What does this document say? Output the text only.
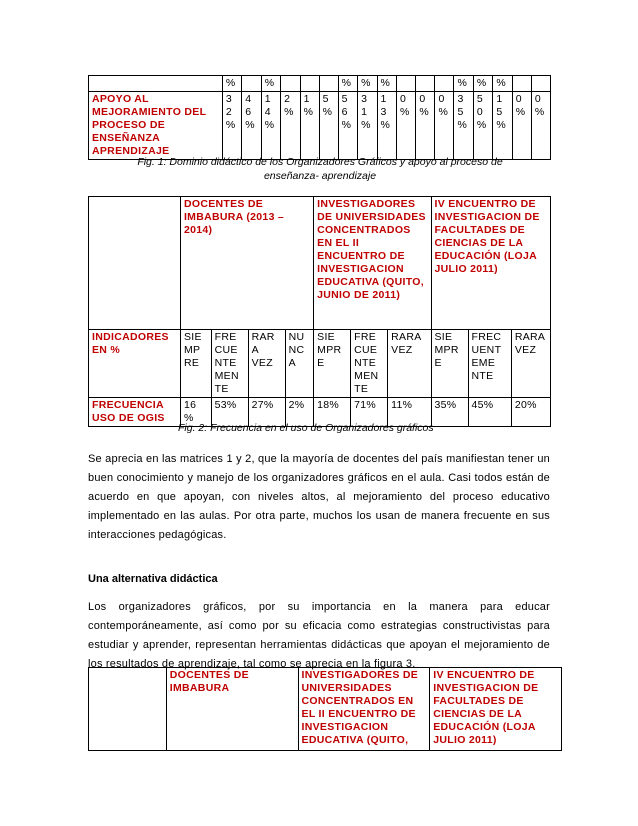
	%		%				%	%	%				%	%	%		
APOYO AL MEJORAMIENTO DEL PROCESO DE ENSEÑANZA APRENDIZAJE	3 2 %	4 6 %	1 4 %	2 %	1 %	5 %	5 6 %	3 1 %	1 3 %	0 %	0 %	0 %	3 5 %	5 0 %	1 5 %	0 %	0 %
Fig. 1: Dominio didáctico de los Organizadores Gráficos y apoyo al proceso de enseñanza- aprendizaje
	DOCENTES DE IMBABURA (2013 – 2014)				INVESTIGADORES DE UNIVERSIDADES CONCENTRADOS EN EL II ENCUENTRO DE INVESTIGACION EDUCATIVA (QUITO, JUNIO DE 2011)			IV ENCUENTRO DE INVESTIGACION DE FACULTADES DE CIENCIAS DE LA EDUCACIÓN (LOJA JULIO 2011)		
INDICADORES EN %	SIE MP RE	FRE CUE NTE MEN TE	RAR A VEZ	NU NC A	SIE MPR E	FRE CUE NTE MEN TE	RARA VEZ	SIE MPR E	FREC UENT EME NTE	RARA VEZ
FRECUENCIA USO DE OGIS	16 %	53%	27%	2%	18%	71%	11%	35%	45%	20%
Fig. 2: Frecuencia en el uso de Organizadores gráficos
Se aprecia en las matrices 1 y 2, que la mayoría de docentes del país manifiestan tener un buen conocimiento y manejo de los organizadores gráficos en el aula. Casi todos están de acuerdo en que apoyan, con niveles altos, al mejoramiento del proceso educativo implementado en las aulas. Por otra parte, muchos los usan de manera frecuente en sus interacciones pedagógicas.
Una alternativa didáctica
Los organizadores gráficos, por su importancia en la manera para educar contemporáneamente, así como por su eficacia como estrategias constructivistas para estudiar y aprender, representan herramientas didácticas que apoyan el mejoramiento de los resultados de aprendizaje, tal como se aprecia en la figura 3.
	DOCENTES DE IMBABURA	INVESTIGADORES DE UNIVERSIDADES CONCENTRADOS EN EL II ENCUENTRO DE INVESTIGACION EDUCATIVA (QUITO,	IV ENCUENTRO DE INVESTIGACION DE FACULTADES DE CIENCIAS DE LA EDUCACIÓN (LOJA JULIO 2011)
